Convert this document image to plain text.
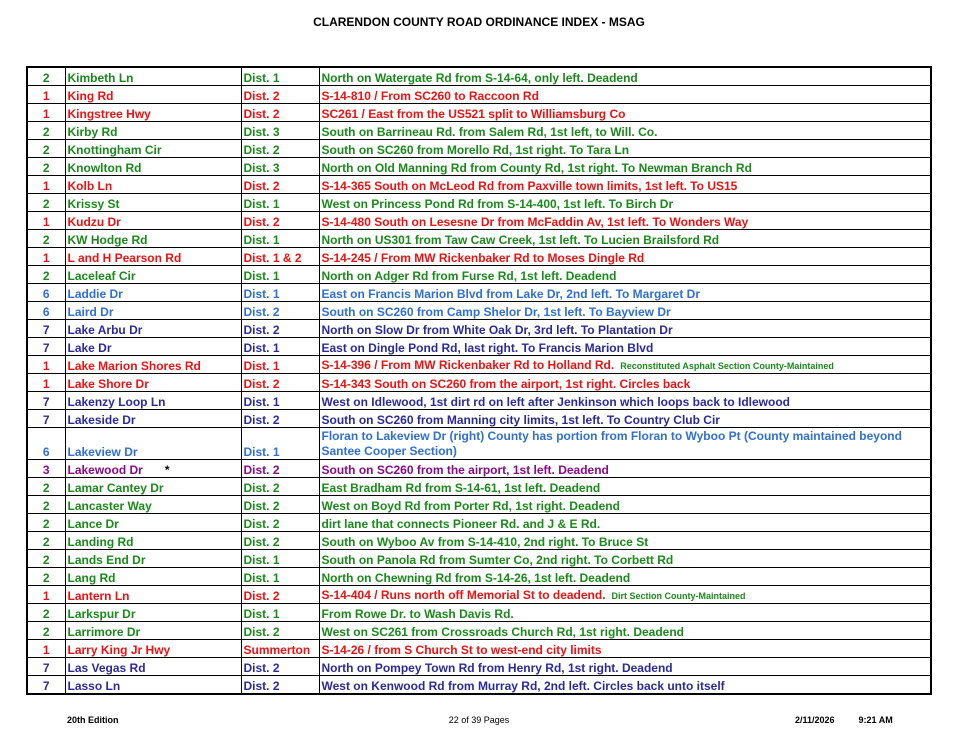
CLARENDON COUNTY ROAD ORDINANCE INDEX - MSAG
2	Kimbeth Ln	Dist. 1	North on Watergate Rd from S-14-64, only left. Deadend
1	King Rd	Dist. 2	S-14-810 / From SC260 to Raccoon Rd
1	Kingstree Hwy	Dist. 2	SC261 / East from the US521 split to Williamsburg Co
2	Kirby Rd	Dist. 3	South on Barrineau Rd. from Salem Rd, 1st left, to Will. Co.
2	Knottingham Cir	Dist. 2	South on SC260 from Morello Rd, 1st right. To Tara Ln
2	Knowlton Rd	Dist. 3	North on Old Manning Rd from County Rd, 1st right. To Newman Branch Rd
1	Kolb Ln	Dist. 2	S-14-365 South on McLeod Rd from Paxville town limits, 1st left. To US15
2	Krissy St	Dist. 1	West on Princess Pond Rd from S-14-400, 1st left. To Birch Dr
1	Kudzu Dr	Dist. 2	S-14-480 South on Lesesne Dr from McFaddin Av, 1st left. To Wonders Way
2	KW Hodge Rd	Dist. 1	North on US301 from Taw Caw Creek, 1st left. To Lucien Brailsford Rd
1	L and H Pearson Rd	Dist. 1 & 2	S-14-245 / From MW Rickenbaker Rd to Moses Dingle Rd
2	Laceleaf Cir	Dist. 1	North on Adger Rd from Furse Rd, 1st left. Deadend
6	Laddie Dr	Dist. 1	East on Francis Marion Blvd from Lake Dr, 2nd left. To Margaret Dr
6	Laird Dr	Dist. 2	South on SC260 from Camp Shelor Dr, 1st left. To Bayview Dr
7	Lake Arbu Dr	Dist. 2	North on Slow Dr from White Oak Dr, 3rd left. To Plantation Dr
7	Lake Dr	Dist. 1	East on Dingle Pond Rd, last right. To Francis Marion Blvd
1	Lake Marion Shores Rd	Dist. 1	S-14-396 / From MW Rickenbaker Rd to Holland Rd. Reconstituted Asphalt Section County-Maintained
1	Lake Shore Dr	Dist. 2	S-14-343 South on SC260 from the airport, 1st right. Circles back
7	Lakenzy Loop Ln	Dist. 1	West on Idlewood, 1st dirt rd on left after Jenkinson which loops back to Idlewood
7	Lakeside Dr	Dist. 2	South on SC260 from Manning city limits, 1st left. To Country Club Cir
6	Lakeview Dr	Dist. 1	Floran to Lakeview Dr (right) County has portion from Floran to Wyboo Pt (County maintained beyond Santee Cooper Section)
3	Lakewood Dr *	Dist. 2	South on SC260 from the airport, 1st left. Deadend
2	Lamar Cantey Dr	Dist. 2	East Bradham Rd from S-14-61, 1st left. Deadend
2	Lancaster Way	Dist. 2	West on Boyd Rd from Porter Rd, 1st right. Deadend
2	Lance Dr	Dist. 2	dirt lane that connects Pioneer Rd. and J & E Rd.
2	Landing Rd	Dist. 2	South on Wyboo Av from S-14-410, 2nd right. To Bruce St
2	Lands End Dr	Dist. 1	South on Panola Rd from Sumter Co, 2nd right. To Corbett Rd
2	Lang Rd	Dist. 1	North on Chewning Rd from S-14-26, 1st left. Deadend
1	Lantern Ln	Dist. 2	S-14-404 / Runs north off Memorial St to deadend. Dirt Section County-Maintained
2	Larkspur Dr	Dist. 1	From Rowe Dr. to Wash Davis Rd.
2	Larrimore Dr	Dist. 2	West on SC261 from Crossroads Church Rd, 1st right. Deadend
1	Larry King Jr Hwy	Summerton	S-14-26 / from S Church St to west-end city limits
7	Las Vegas Rd	Dist. 2	North on Pompey Town Rd from Henry Rd, 1st right. Deadend
7	Lasso Ln	Dist. 2	West on Kenwood Rd from Murray Rd, 2nd left. Circles back unto itself
20th Edition	22 of 39 Pages	2/11/2026	9:21 AM
